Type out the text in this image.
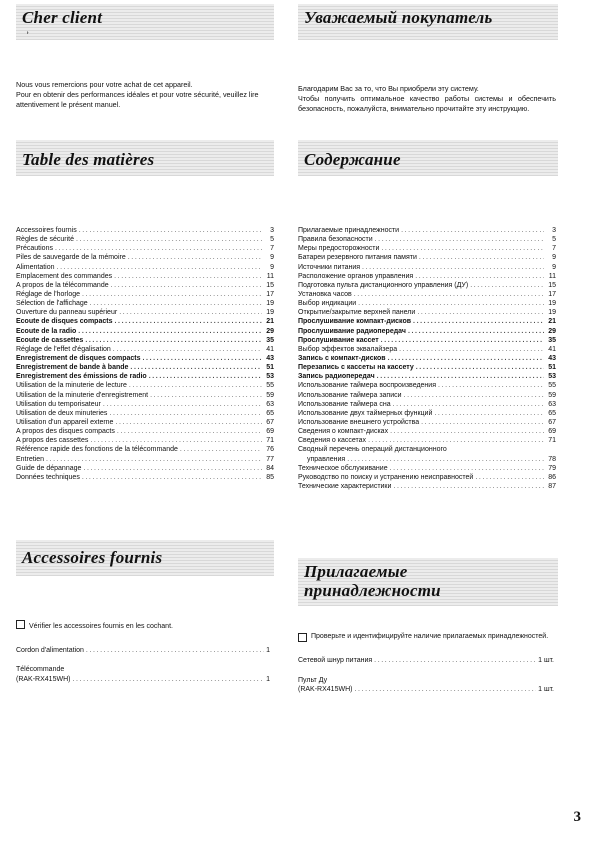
Cher client
˒
Nous vous remercions pour votre achat de cet appareil.
Pour en obtenir des performances idéales et pour votre sécurité, veuillez lire attentivement le présent manuel.
Table des matières
Accessoires fournis .....	3
Règles de sécurité .....	5
Précautions .....	7
Piles de sauvegarde de la mémoire .....	9
Alimentation .....	9
Emplacement des commandes .....	11
A propos de la télécommande .....	15
Réglage de l'horloge .....	17
Sélection de l'affichage .....	19
Ouverture du panneau supérieur .....	19
Ecoute de disques compacts .....	21
Ecoute de la radio .....	29
Ecoute de cassettes .....	35
Réglage de l'effet d'égalisation .....	41
Enregistrement de disques compacts .....	43
Enregistrement de bande à bande .....	51
Enregistrement des émissions de radio .....	53
Utilisation de la minuterie de lecture .....	55
Utilisation de la minuterie d'enregistrement .....	59
Utilisation du temporisateur .....	63
Utilisation de deux minuteries .....	65
Utilisation d'un appareil externe .....	67
A propos des disques compacts .....	69
A propos des cassettes .....	71
Référence rapide des fonctions de la télécommande .....	76
Entretien .....	77
Guide de dépannage .....	84
Données techniques .....	85
Accessoires fournis
Vérifier les accessoires fournis en les cochant.
Cordon d'alimentation .....	1
Télécommande
(RAK-RX415WH) .....	1
Уважаемый покупатель
Благодарим Вас за то, что Вы приобрели эту систему.
Чтобы получить оптимальное качество работы системы и обеспечить безопасность, пожалуйста, внимательно прочитайте эту инструкцию.
Содержание
Прилагаемые принадлежности .....	3
Правила безопасности .....	5
Меры предосторожности .....	7
Батареи резервного питания памяти .....	9
Источники питания .....	9
Расположение органов управления .....	11
Подготовка пульта дистанционного управления (ДУ) .....	15
Установка часов .....	17
Выбор индикации .....	19
Открытие/закрытие верхней панели .....	19
Прослушивание компакт-дисков .....	21
Прослушивание радиопередач .....	29
Прослушивание кассет .....	35
Выбор эффектов эквалайзера .....	41
Запись с компакт-дисков .....	43
Перезапись с кассеты на кассету .....	51
Запись радиопередач .....	53
Использование таймера воспроизведения .....	55
Использование таймера записи .....	59
Использование таймера сна .....	63
Использование двух таймерных функций .....	65
Использование внешнего устройства .....	67
Сведения о компакт-дисках .....	69
Сведения о кассетах .....	71
Сводный перечень операций дистанционного
управления .....	78
Техническое обслуживание .....	79
Руководство по поиску и устранению неисправностей .....	86
Технические характеристики .....	87
Прилагаемые
принадлежности
Проверьте и идентифицируйте наличие прилагаемых принадлежностей.
Сетевой шнур питания .....	1 шт.
Пульт Ду
(RAK-RX415WH) .....	1 шт.
3
